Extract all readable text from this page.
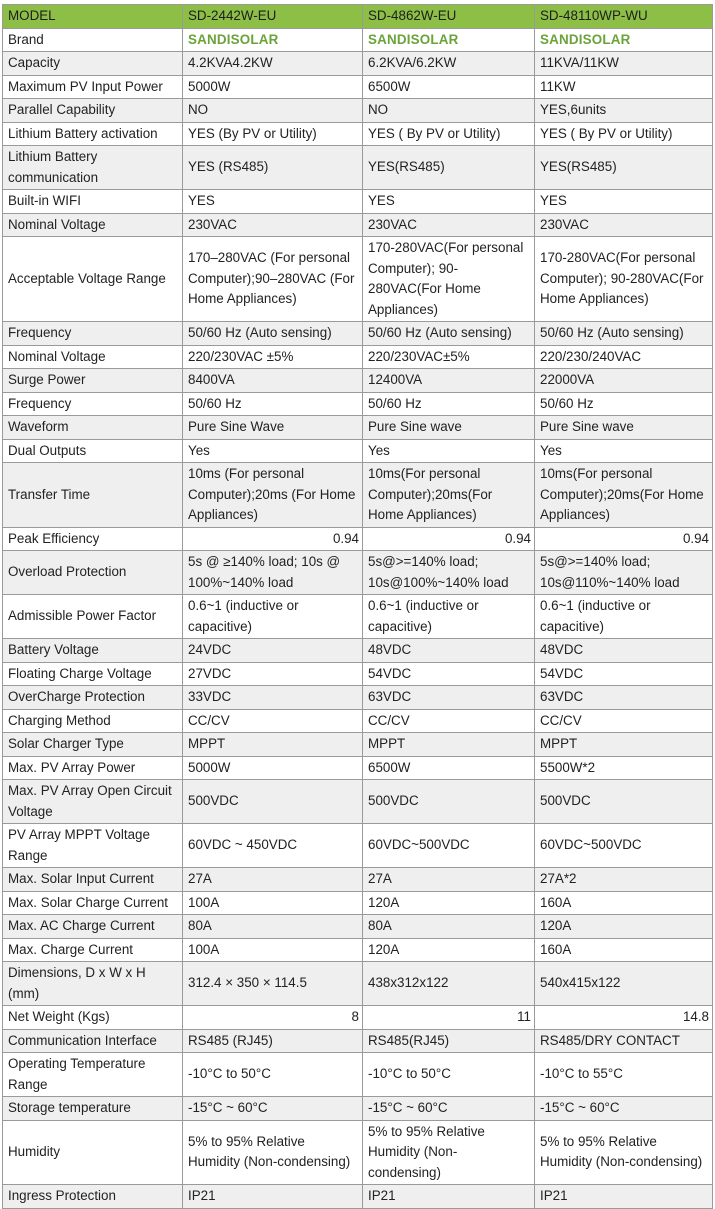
MODEL	SD-2442W-EU	SD-4862W-EU	SD-48110WP-WU
Brand	SANDISOLAR	SANDISOLAR	SANDISOLAR
Capacity	4.2KVA4.2KW	6.2KVA/6.2KW	11KVA/11KW
Maximum PV Input Power	5000W	6500W	11KW
Parallel Capability	NO	NO	YES,6units
Lithium Battery activation	YES (By PV or Utility)	YES ( By PV or Utility)	YES ( By PV or Utility)
Lithium Battery communication	YES (RS485)	YES(RS485)	YES(RS485)
Built-in WIFI	YES	YES	YES
Nominal Voltage	230VAC	230VAC	230VAC
Acceptable Voltage Range	170–280VAC (For personal Computer);90–280VAC (For Home Appliances)	170-280VAC(For personal Computer); 90-280VAC(For Home Appliances)	170-280VAC(For personal Computer); 90-280VAC(For Home Appliances)
Frequency	50/60 Hz (Auto sensing)	50/60 Hz (Auto sensing)	50/60 Hz (Auto sensing)
Nominal Voltage	220/230VAC ±5%	220/230VAC±5%	220/230/240VAC
Surge Power	8400VA	12400VA	22000VA
Frequency	50/60 Hz	50/60 Hz	50/60 Hz
Waveform	Pure Sine Wave	Pure Sine wave	Pure Sine wave
Dual Outputs	Yes	Yes	Yes
Transfer Time	10ms (For personal Computer);20ms (For Home Appliances)	10ms(For personal Computer);20ms(For Home Appliances)	10ms(For personal Computer);20ms(For Home Appliances)
Peak Efficiency	0.94	0.94	0.94
Overload Protection	5s @ ≥140% load; 10s @ 100%~140% load	5s@>=140% load; 10s@100%~140% load	5s@>=140% load; 10s@110%~140% load
Admissible Power Factor	0.6~1 (inductive or capacitive)	0.6~1 (inductive or capacitive)	0.6~1 (inductive or capacitive)
Battery Voltage	24VDC	48VDC	48VDC
Floating Charge Voltage	27VDC	54VDC	54VDC
OverCharge Protection	33VDC	63VDC	63VDC
Charging Method	CC/CV	CC/CV	CC/CV
Solar Charger Type	MPPT	MPPT	MPPT
Max. PV Array Power	5000W	6500W	5500W*2
Max. PV Array Open Circuit Voltage	500VDC	500VDC	500VDC
PV Array MPPT Voltage Range	60VDC ~ 450VDC	60VDC~500VDC	60VDC~500VDC
Max. Solar Input Current	27A	27A	27A*2
Max. Solar Charge Current	100A	120A	160A
Max. AC Charge Current	80A	80A	120A
Max. Charge Current	100A	120A	160A
Dimensions, D x W x H (mm)	312.4 × 350 × 114.5	438x312x122	540x415x122
Net Weight (Kgs)	8	11	14.8
Communication Interface	RS485 (RJ45)	RS485(RJ45)	RS485/DRY CONTACT
Operating Temperature Range	-10°C to 50°C	-10°C to 50°C	-10°C to 55°C
Storage temperature	-15°C ~ 60°C	-15°C ~ 60°C	-15°C ~ 60°C
Humidity	5% to 95% Relative Humidity (Non-condensing)	5% to 95% Relative Humidity (Non-condensing)	5% to 95% Relative Humidity (Non-condensing)
Ingress Protection	IP21	IP21	IP21
